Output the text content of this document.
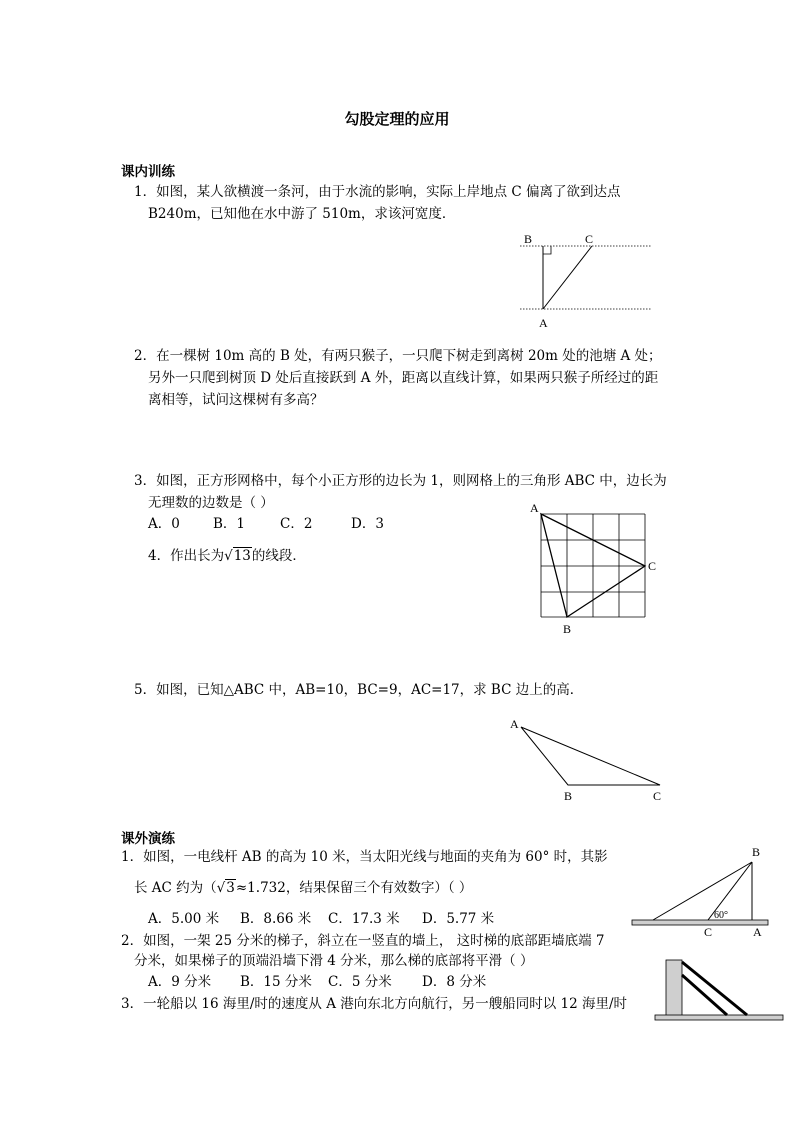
勾股定理的应用
课内训练
1．如图，某人欲横渡一条河，由于水流的影响，实际上岸地点 C 偏离了欲到达点
B240m，已知他在水中游了 510m，求该河宽度．
2．在一棵树 10m 高的 B 处，有两只猴子，一只爬下树走到离树 20m 处的池塘 A 处；
另外一只爬到树顶 D 处后直接跃到 A 外，距离以直线计算，如果两只猴子所经过的距
离相等，试问这棵树有多高？
3．如图，正方形网格中，每个小正方形的边长为 1，则网格上的三角形 ABC 中，边长为
无理数的边数是（ ）
A．0 B．1	C．2	D．3
4．作出长为√13的线段．
5．如图，已知△ABC 中，AB=10，BC=9，AC=17，求 BC 边上的高．
课外演练
1．如图，一电线杆 AB 的高为 10 米，当太阳光线与地面的夹角为 60° 时，其影
长 AC 约为（√3≈1.732，结果保留三个有效数字）（ ）
A．5.00 米 B．8.66 米 C．17.3 米 D．5.77 米
2．如图，一架 25 分米的梯子，斜立在一竖直的墙上， 这时梯的底部距墙底端 7
分米，如果梯子的顶端沿墙下滑 4 分米，那么梯的底部将平滑（ ）
A．9 分米 B．15 分米 C．5 分米 D．8 分米
3．一轮船以 16 海里/时的速度从 A 港向东北方向航行，另一艘船同时以 12 海里/时
B	C
A
A
C
B
A
B	C
60°
B
C	A
